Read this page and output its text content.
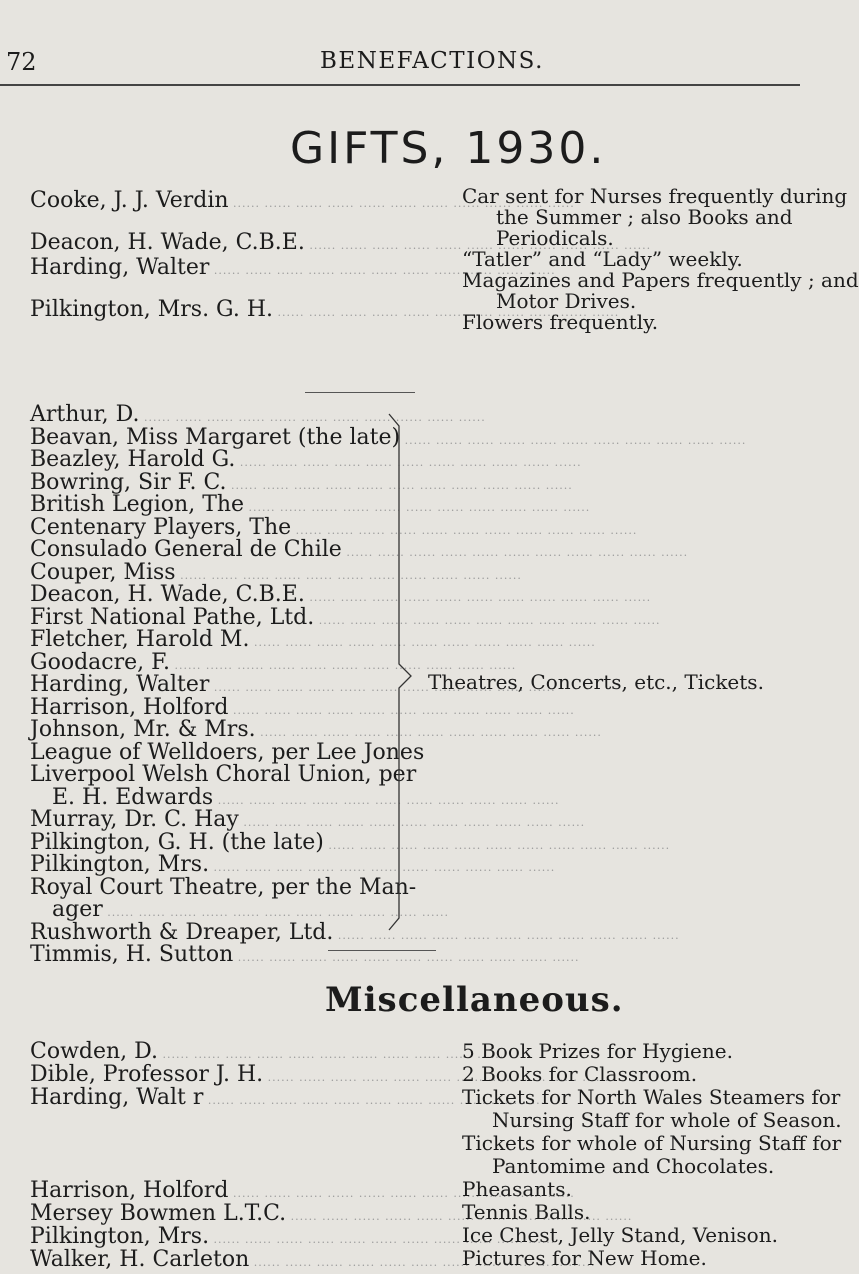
72	BENEFACTIONS.
GIFTS, 1930.
Cooke, J. J. Verdin .....
Deacon, H. Wade, C.B.E. .....
Harding, Walter .....
Pilkington, Mrs. G. H. .....
Car sent for Nurses frequently during
the Summer ; also Books and
Periodicals.
“Tatler” and “Lady” weekly.
Magazines and Papers frequently ; and
Motor Drives.
Flowers frequently.
Arthur, D. .....
Beavan, Miss Margaret (the late) .....
Beazley, Harold G. .....
Bowring, Sir F. C. .....
British Legion, The .....
Centenary Players, The .....
Consulado General de Chile .....
Couper, Miss .....
Deacon, H. Wade, C.B.E. .....
First National Pathe, Ltd. .....
Fletcher, Harold M. .....
Goodacre, F. .....
Harding, Walter .....
Harrison, Holford .....
Johnson, Mr. & Mrs. .....
League of Welldoers, per Lee Jones
Liverpool Welsh Choral Union, per
E. H. Edwards .....
Murray, Dr. C. Hay .....
Pilkington, G. H. (the late) .....
Pilkington, Mrs. .....
Royal Court Theatre, per the Man-
ager .....
Rushworth & Dreaper, Ltd. .....
Timmis, H. Sutton .....
Theatres, Concerts, etc., Tickets.
Miscellaneous.
Cowden, D. .....
Dible, Professor J. H. .....
Harding, Walt r .....
Harrison, Holford .....
Mersey Bowmen L.T.C. .....
Pilkington, Mrs. .....
Walker, H. Carleton .....
5 Book Prizes for Hygiene.
2 Books for Classroom.
Tickets for North Wales Steamers for
Nursing Staff for whole of Season.
Tickets for whole of Nursing Staff for
Pantomime and Chocolates.
Pheasants.
Tennis Balls.
Ice Chest, Jelly Stand, Venison.
Pictures for New Home.
